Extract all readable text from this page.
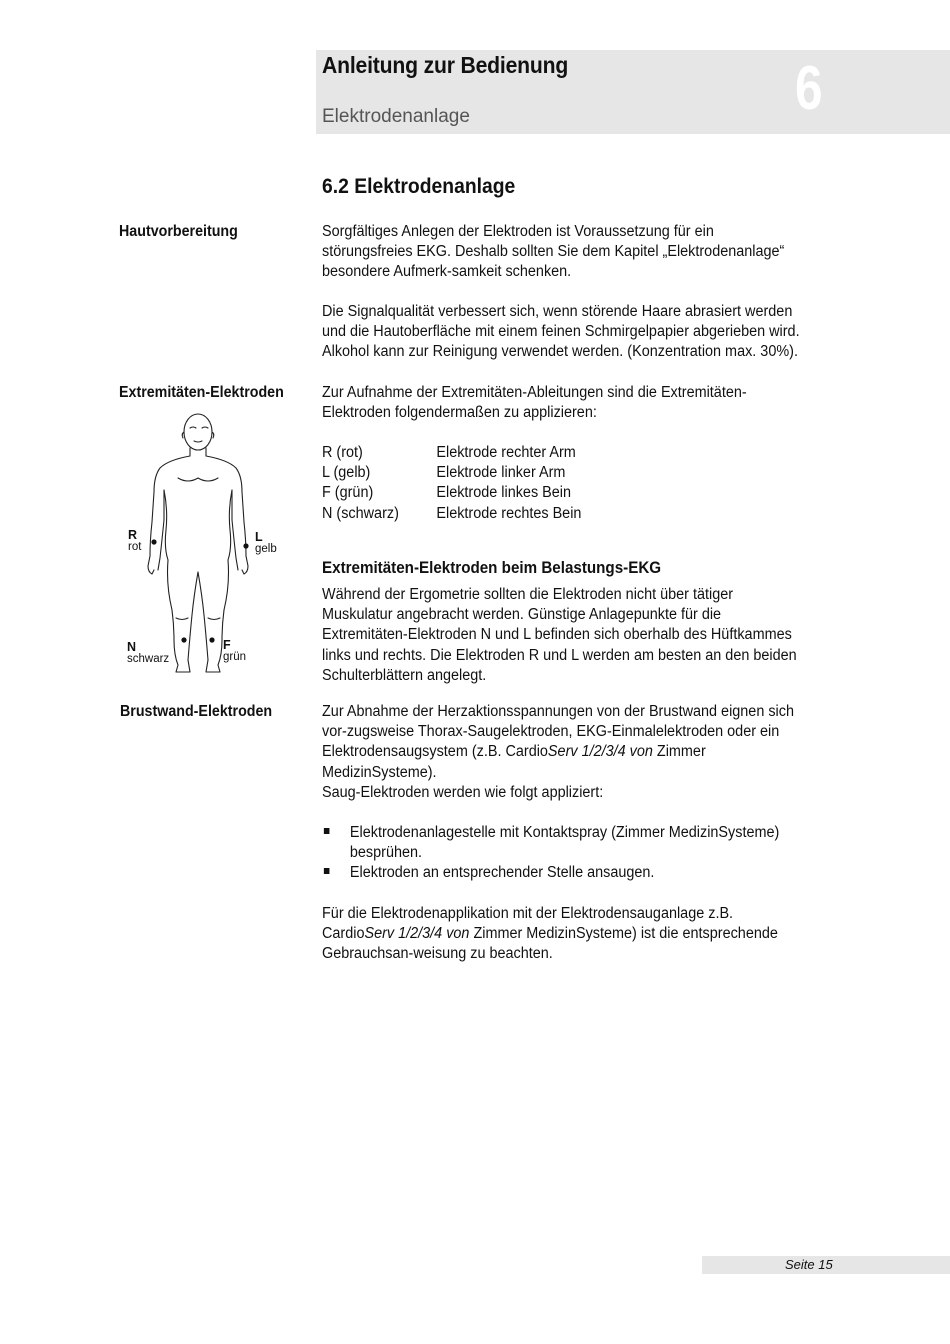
Anleitung zur Bedienung
Elektrodenanlage	6
6.2 Elektrodenanlage
Hautvorbereitung
Extremitäten-Elektroden
Brustwand-Elektroden
Sorgfältiges Anlegen der Elektroden ist Voraussetzung für ein störungsfreies EKG. Deshalb sollten Sie dem Kapitel „Elektrodenanlage“ besondere Aufmerk-samkeit schenken.
Die Signalqualität verbessert sich, wenn störende Haare abrasiert werden und die Hautoberfläche mit einem feinen Schmirgelpapier abgerieben wird. Alkohol kann zur Reinigung verwendet werden. (Konzentration max. 30%).
Zur Aufnahme der Extremitäten-Ableitungen sind die Extremitäten-Elektroden folgendermaßen zu applizieren:
R (rot)	Elektrode rechter Arm
L (gelb)	Elektrode linker Arm
F (grün)	Elektrode linkes Bein
N (schwarz)	Elektrode rechtes Bein
Extremitäten-Elektroden beim Belastungs-EKG
Während der Ergometrie sollten die Elektroden nicht über tätiger Muskulatur angebracht werden. Günstige Anlagepunkte für die Extremitäten-Elektroden N und L befinden sich oberhalb des Hüftkammes links und rechts. Die Elektroden R und L werden am besten an den beiden Schulterblättern angelegt.
Zur Abnahme der Herzaktionsspannungen von der Brustwand eignen sich vor-zugsweise Thorax-Saugelektroden, EKG-Einmalelektroden oder ein Elektrodensaugsystem (z.B. CardioServ 1/2/3/4 von Zimmer MedizinSysteme).
Saug-Elektroden werden wie folgt appliziert:
Elektrodenanlagestelle mit Kontaktspray (Zimmer MedizinSysteme) besprühen.
Elektroden an entsprechender Stelle ansaugen.
Für die Elektrodenapplikation mit der Elektrodensauganlage z.B. CardioServ 1/2/3/4 von Zimmer MedizinSysteme) ist die entsprechende Gebrauchsan-weisung zu beachten.
R
rot
L
gelb
N
schwarz
F
grün
Seite 15
